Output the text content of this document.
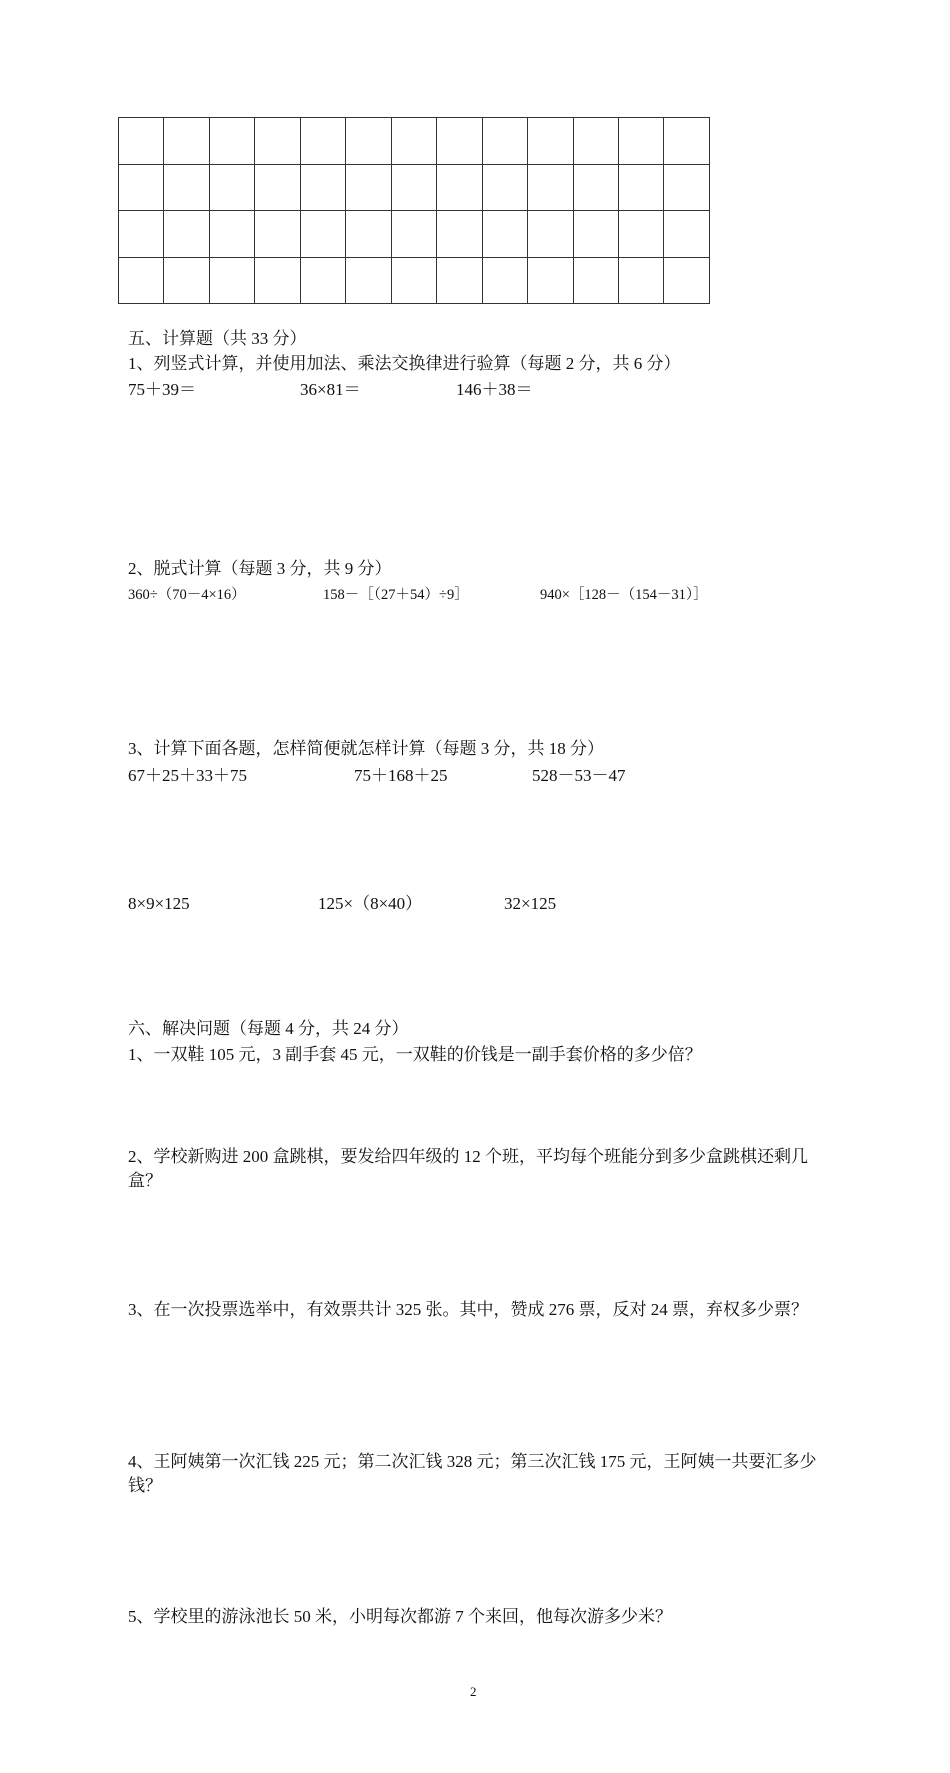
五、计算题（共 33 分）
1、列竖式计算，并使用加法、乘法交换律进行验算（每题 2 分，共 6 分）
75＋39＝	36×81＝	146＋38＝
2、脱式计算（每题 3 分，共 9 分）
360÷（70－4×16）	158－［（27＋54）÷9］	940×［128－（154－31）］
3、计算下面各题，怎样简便就怎样计算（每题 3 分，共 18 分）
67＋25＋33＋75	75＋168＋25	528－53－47
8×9×125	125×（8×40）	32×125
六、解决问题（每题 4 分，共 24 分）
1、一双鞋 105 元，3 副手套 45 元，一双鞋的价钱是一副手套价格的多少倍？
2、学校新购进 200 盒跳棋，要发给四年级的 12 个班，平均每个班能分到多少盒跳棋还剩几盒？
3、在一次投票选举中，有效票共计 325 张。其中，赞成 276 票，反对 24 票，弃权多少票？
4、王阿姨第一次汇钱 225 元；第二次汇钱 328 元；第三次汇钱 175 元，王阿姨一共要汇多少钱？
5、学校里的游泳池长 50 米，小明每次都游 7 个来回，他每次游多少米？
2
